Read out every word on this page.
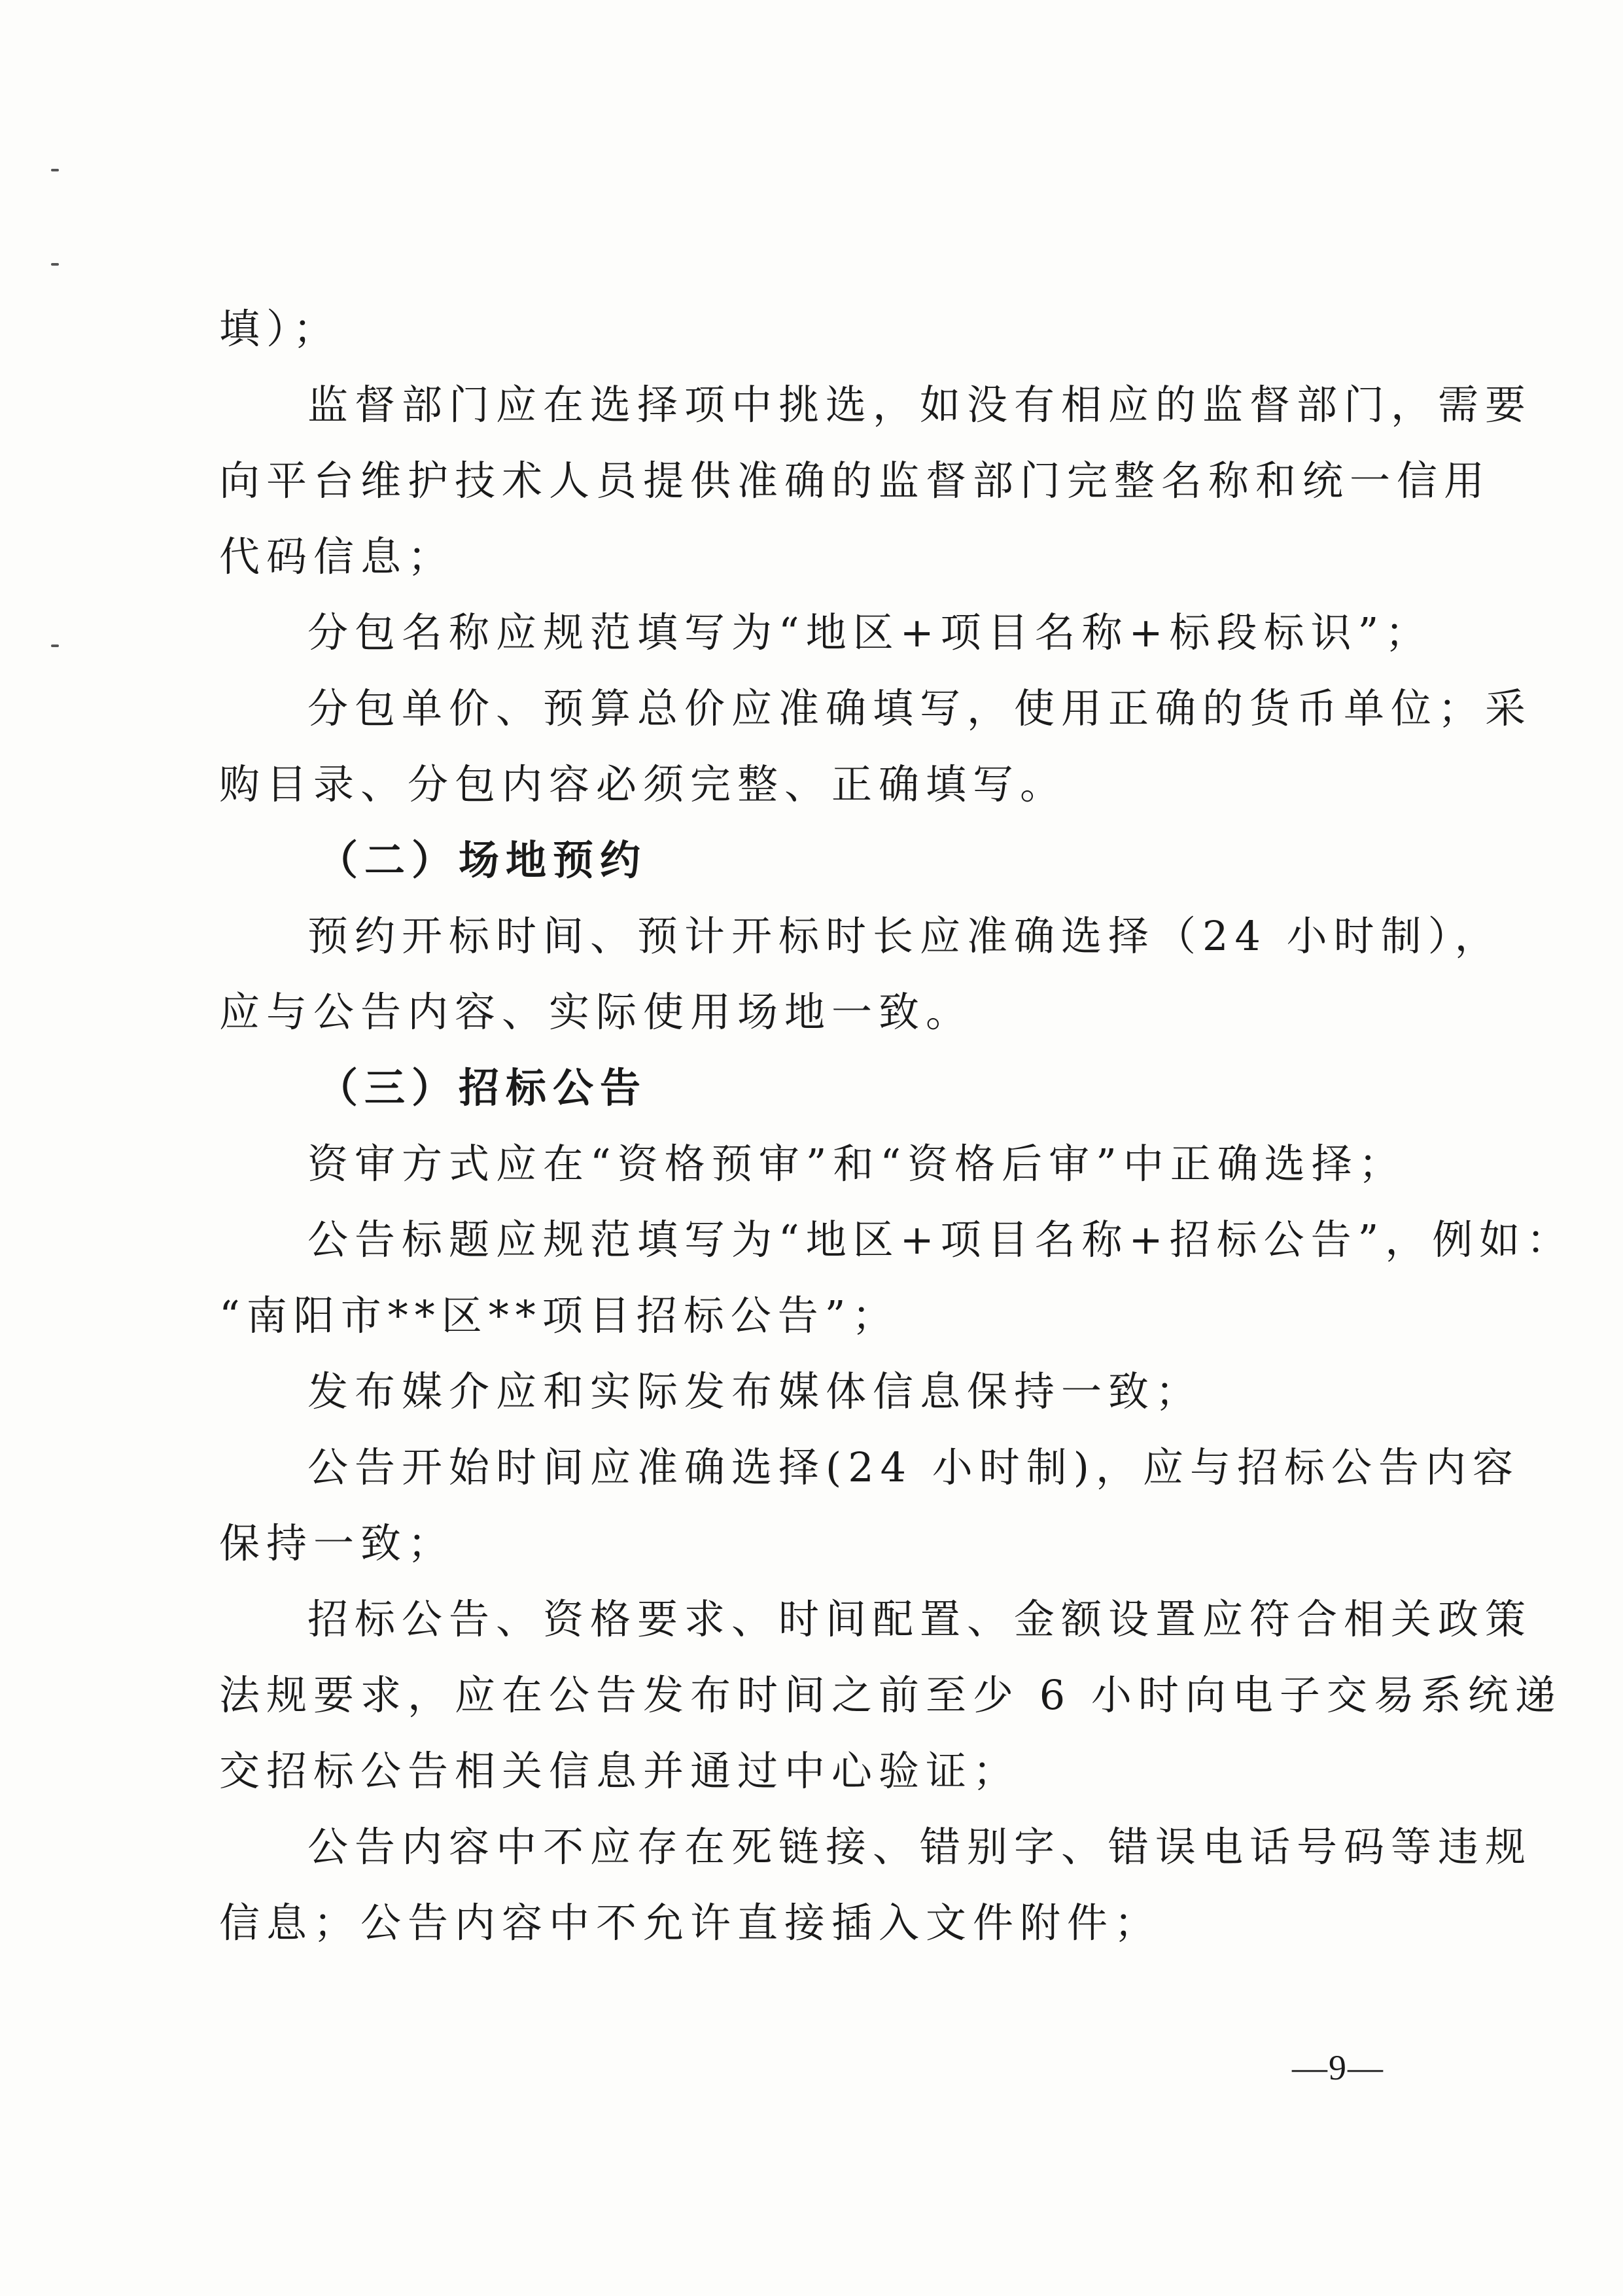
填）；
监督部门应在选择项中挑选，如没有相应的监督部门，需要
向平台维护技术人员提供准确的监督部门完整名称和统一信用
代码信息；
分包名称应规范填写为“地区+项目名称+标段标识”；
分包单价、预算总价应准确填写，使用正确的货币单位；采
购目录、分包内容必须完整、正确填写。
（二）场地预约
预约开标时间、预计开标时长应准确选择（24 小时制），
应与公告内容、实际使用场地一致。
（三）招标公告
资审方式应在“资格预审”和“资格后审”中正确选择；
公告标题应规范填写为“地区+项目名称+招标公告”，例如：
“南阳市**区**项目招标公告”；
发布媒介应和实际发布媒体信息保持一致；
公告开始时间应准确选择(24 小时制)，应与招标公告内容
保持一致；
招标公告、资格要求、时间配置、金额设置应符合相关政策
法规要求，应在公告发布时间之前至少 6 小时向电子交易系统递
交招标公告相关信息并通过中心验证；
公告内容中不应存在死链接、错别字、错误电话号码等违规
信息；公告内容中不允许直接插入文件附件；
—9—
